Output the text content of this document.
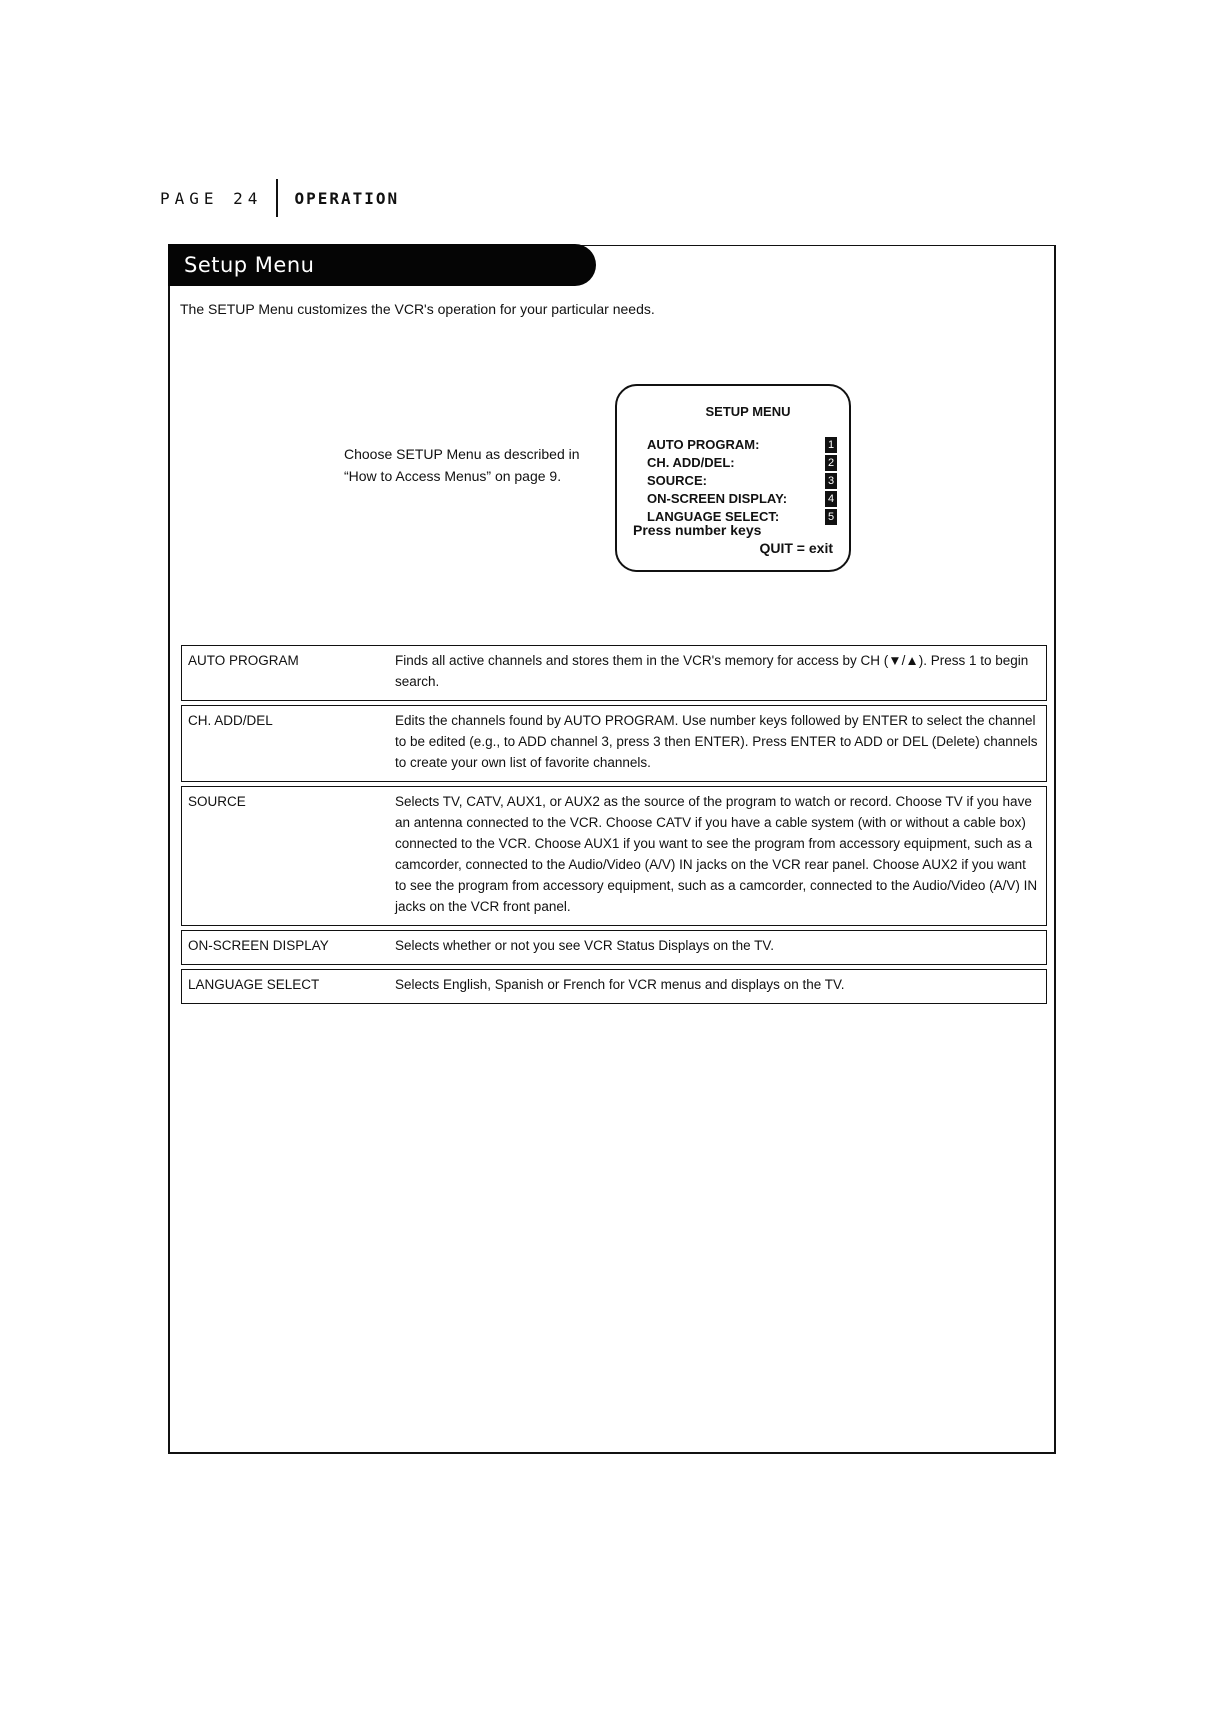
PAGE 24 OPERATION
Setup Menu
The SETUP Menu customizes the VCR's operation for your particular needs.
Choose SETUP Menu as described in “How to Access Menus” on page 9.
SETUP MENU
AUTO PROGRAM:	1
CH. ADD/DEL:	2
SOURCE:	3
ON-SCREEN DISPLAY:	4
LANGUAGE SELECT:	5
Press number keys
QUIT = exit
AUTO PROGRAM	Finds all active channels and stores them in the VCR's memory for access by CH (▼/▲). Press 1 to begin search.

CH. ADD/DEL	Edits the channels found by AUTO PROGRAM. Use number keys followed by ENTER to select the channel to be edited (e.g., to ADD channel 3, press 3 then ENTER). Press ENTER to ADD or DEL (Delete) channels to create your own list of favorite channels.

SOURCE	Selects TV, CATV, AUX1, or AUX2 as the source of the program to watch or record. Choose TV if you have an antenna connected to the VCR. Choose CATV if you have a cable system (with or without a cable box) connected to the VCR. Choose AUX1 if you want to see the program from accessory equipment, such as a camcorder, connected to the Audio/Video (A/V) IN jacks on the VCR rear panel. Choose AUX2 if you want to see the program from accessory equipment, such as a camcorder, connected to the Audio/Video (A/V) IN jacks on the VCR front panel.

ON-SCREEN DISPLAY	Selects whether or not you see VCR Status Displays on the TV.

LANGUAGE SELECT	Selects English, Spanish or French for VCR menus and displays on the TV.
